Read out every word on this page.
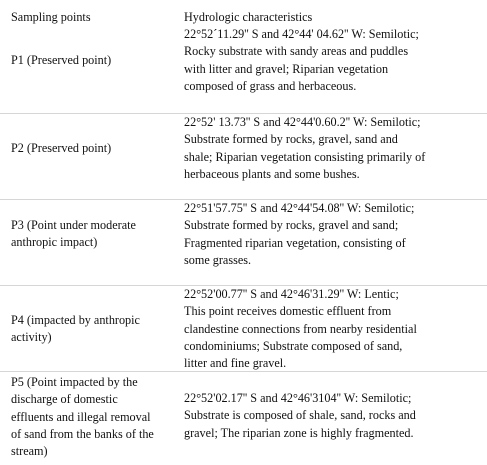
Sampling points	Hydrologic characteristics
P1 (Preserved point)
22°52´11.29'' S and 42°44' 04.62'' W: Semilotic;
Rocky substrate with sandy areas and puddles
with litter and gravel; Riparian vegetation
composed of grass and herbaceous.
P2 (Preserved point)
22°52' 13.73'' S and 42°44'0.60.2'' W: Semilotic;
Substrate formed by rocks, gravel, sand and
shale; Riparian vegetation consisting primarily of
herbaceous plants and some bushes.
P3 (Point under moderate
anthropic impact)
22°51'57.75'' S and 42°44'54.08'' W: Semilotic;
Substrate formed by rocks, gravel and sand;
Fragmented riparian vegetation, consisting of
some grasses.
P4 (impacted by anthropic
activity)
22°52'00.77'' S and 42°46'31.29'' W: Lentic;
This point receives domestic effluent from
clandestine connections from nearby residential
condominiums; Substrate composed of sand,
litter and fine gravel.
P5 (Point impacted by the
discharge of domestic
effluents and illegal removal
of sand from the banks of the
stream)
22°52'02.17'' S and 42°46'3104'' W: Semilotic;
Substrate is composed of shale, sand, rocks and
gravel; The riparian zone is highly fragmented.
